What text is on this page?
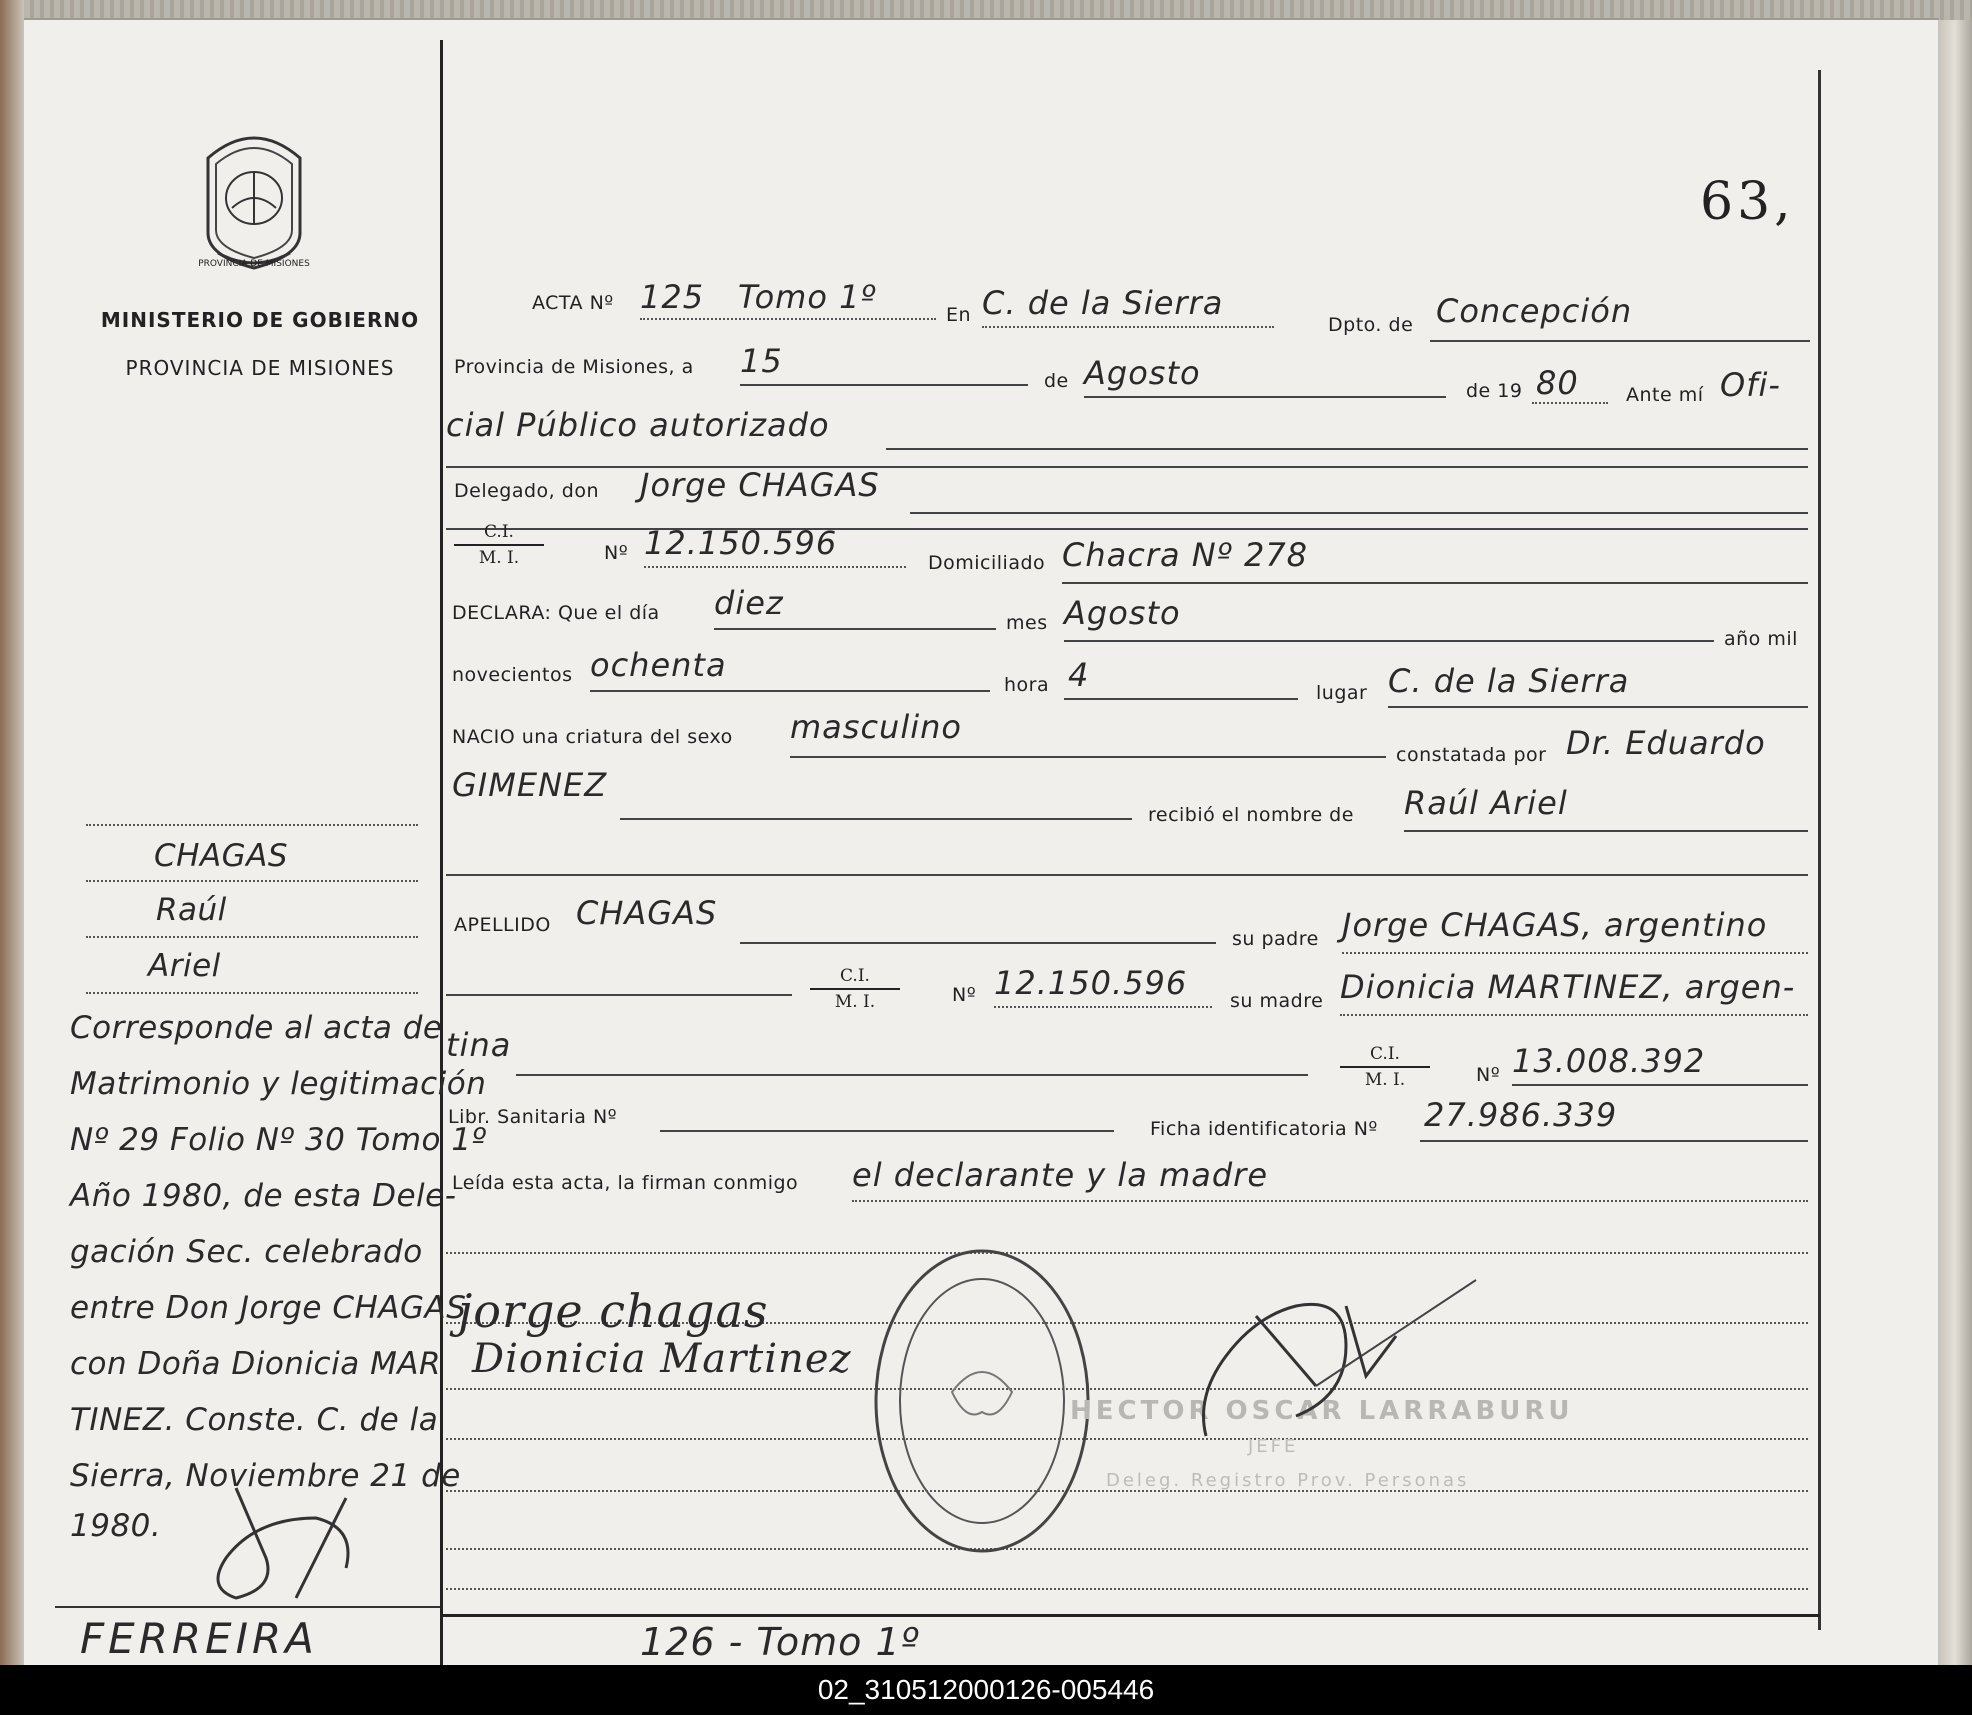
PROVINCIA DE MISIONES
MINISTERIO DE GOBIERNO
PROVINCIA DE MISIONES
63,
ACTA Nº 125 Tomo 1º	En C. de la Sierra
Dpto. de Concepción
Provincia de Misiones, a 15
de Agosto	de 19 80 Ante mí Ofi-
cial Público autorizado
Delegado, don Jorge CHAGAS
$\frac{C.I.}{M. I.}$	Nº 12.150.596
Domiciliado Chacra Nº 278
DECLARA: Que el día diez
mes Agosto
año mil
novecientos ochenta
hora 4	lugar C. de la Sierra
NACIO una criatura del sexo masculino
constatada por Dr. Eduardo
GIMENEZ
recibió el nombre de Raúl Ariel
APELLIDO CHAGAS
su padre Jorge CHAGAS, argentino
$\frac{C.I.}{M. I.}$	Nº 12.150.596 su madre Dionicia MARTINEZ, argen-
tina	$\frac{C.I.}{M. I.}$ Nº 13.008.392
Libr. Sanitaria Nº
Ficha identificatoria Nº 27.986.339
Leída esta acta, la firman conmigo el declarante y la madre
jorge chagas
Dionicia Martinez
HECTOR OSCAR LARRABURU
JEFE
Deleg. Registro Prov. Personas
126 - Tomo 1º
CHAGAS
Raúl
Ariel
Corresponde al acta de
Matrimonio y legitimación
Nº 29 Folio Nº 30 Tomo 1º
Año 1980, de esta Dele-
gación Sec. celebrado
entre Don Jorge CHAGAS
con Doña Dionicia MAR
TINEZ. Conste. C. de la
Sierra, Noviembre 21 de
1980.
FERREIRA
02_310512000126-005446
